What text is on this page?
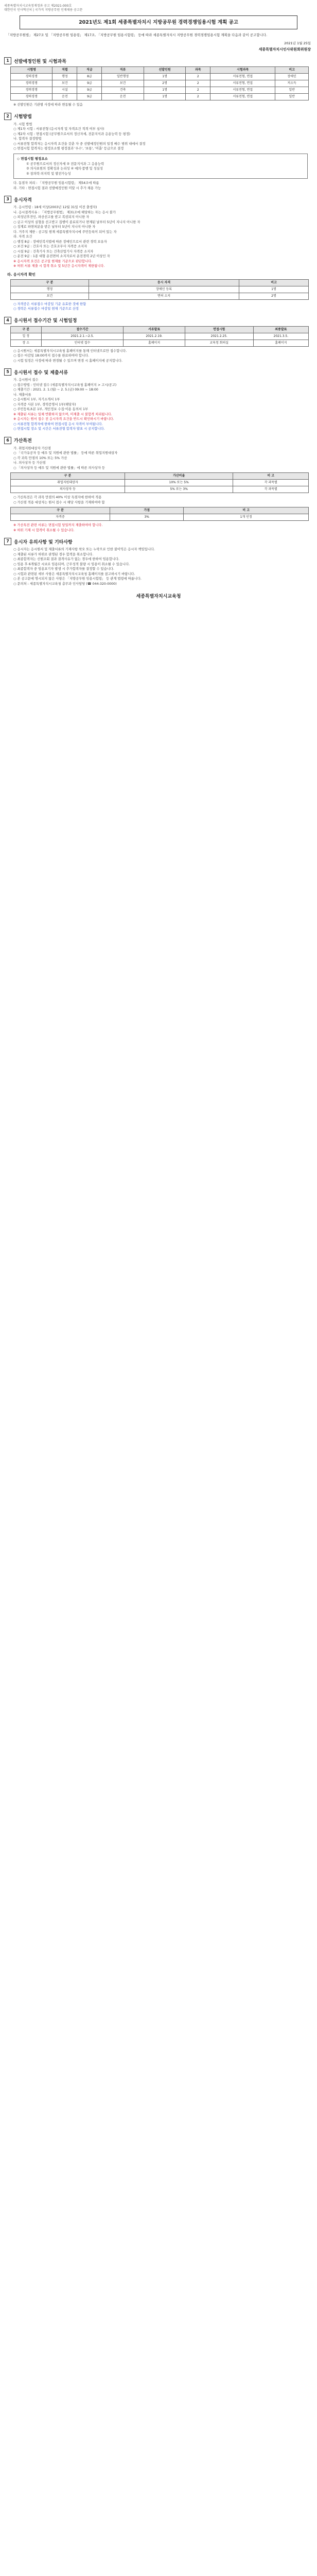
세종특별자치시교육청재정과 공고 제2021-000호
대한민국 인사혁신처 | 국가직 지방공무원 인재채용 공고문
2021년도 제1회 세종특별자치시 지방공무원 경력경쟁임용시험 계획 공고
「지방공무원법」 제27조 및 「지방공무원 임용령」 제17조, 「지방공무원 임용시험령」 등에 따라 세종특별자치시 지방공무원 경력경쟁임용시험 계획을 다음과 같이 공고합니다.
2021년 1월 25일
세종특별자치시인사위원회위원장
1	선발예정인원 및 시험과목
시험명	직렬	직급	직류	선발인원	과목	시험과목	비고
경력경쟁	행정	8급	일반행정	1명	2	서류전형, 면접	장애인
경력경쟁	보건	9급	보건	2명	2	서류전형, 면접	저소득
경력경쟁	시설	9급	건축	1명	2	서류전형, 면접	일반
경력경쟁	운전	9급	운전	1명	2	서류전형, 면접	일반
※ 선발인원은 기관별 사정에 따라 변동될 수 있음
2	시험방법
가. 시험 방법
○ 제1차 시험 : 서류전형 (응시자격 및 자격요건 적격 여부 심사)
○ 제2차 시험 : 면접시험 (공무원으로서의 정신자세, 전문지식과 응용능력 등 평정)
나. 합격자 결정방법
○ 서류전형 합격자는 응시자격 요건을 갖춘 자 중 선발예정인원의 일정 배수 범위 내에서 결정
○ 면접시험 합격자는 평정요소별 평정결과 '우수', '보통', '미흡' 등급으로 결정
◇ 면접시험 평정요소
① 공무원으로서의 정신자세 ② 전문지식과 그 응용능력
③ 의사표현의 정확성과 논리성 ④ 예의·품행 및 성실성
⑤ 창의력·의지력 및 발전가능성
다. 동점자 처리 : 「지방공무원 임용시험령」 제54조에 따름
라. 기타 : 면접시험 결과 선발예정인원 미달 시 추가 채용 가능
3	응시자격
가. 응시연령 : 18세 이상(2003년 12월 31일 이전 출생자)
나. 응시결격사유 : 「지방공무원법」 제31조에 해당하는 자는 응시 불가
○ 피성년후견인, 파산선고를 받고 복권되지 아니한 자
○ 금고 이상의 실형을 선고받고 집행이 종료되거나 면제된 날부터 5년이 지나지 아니한 자
○ 징계로 파면처분을 받은 날부터 5년이 지나지 아니한 자
다. 거주지 제한 : 공고일 현재 세종특별자치시에 주민등록이 되어 있는 자
라. 자격 요건
○ 행정 8급 : 장애인복지법에 따른 장애인으로서 관련 경력 보유자
○ 보건 9급 : 간호사 또는 간호조무사 자격증 소지자
○ 시설 9급 : 건축기사 또는 건축산업기사 자격증 소지자
○ 운전 9급 : 1종 대형 운전면허 소지자로서 운전경력 2년 이상인 자
※ 응시자격 요건은 공고일 현재를 기준으로 판단합니다.
※ 허위 서류 제출 시 합격 취소 및 5년간 응시자격이 제한됩니다.
라. 응시자격 확인
구 분	응시 자격	비고
행정	장애인 등록	1명
보건	면허 소지	2명
○ 자격증은 서류접수 마감일 기준 유효한 것에 한함
○ 경력은 서류접수 마감일 현재 기준으로 산정
4	응시원서 접수기간 및 시험일정
구 분	접수기간	서류발표	면접시험	최종발표
일 정	2021.2.1.~2.5.	2021.2.19.	2021.2.25.	2021.3.5.
장 소	인터넷 접수	홈페이지	교육청 회의실	홈페이지
○ 응시원서는 세종특별자치시교육청 홈페이지를 통해 인터넷으로만 접수합니다.
○ 접수 마감일 18:00까지 접수를 완료하여야 합니다.
○ 시험 일정은 사정에 따라 변경될 수 있으며 변경 시 홈페이지에 공지합니다.
5	응시원서 접수 및 제출서류
가. 응시원서 접수
○ 접수방법 : 인터넷 접수 (세종특별자치시교육청 홈페이지 > 고시/공고)
○ 제출기간 : 2021. 2. 1.(월) ~ 2. 5.(금) 09:00 ~ 18:00
나. 제출서류
○ 응시원서 1부, 자기소개서 1부
○ 자격증 사본 1부, 경력증명서 1부(해당자)
○ 주민등록초본 1부, 개인정보 수집·이용 동의서 1부
※ 제출된 서류는 일체 반환하지 않으며, 미제출 시 불합격 처리됩니다.
※ 응시자는 원서 접수 전 응시자격 요건을 반드시 확인하시기 바랍니다.
○ 서류전형 합격자에 한하여 면접시험 응시 자격이 부여됩니다.
○ 면접시험 장소 및 시간은 서류전형 합격자 발표 시 공지합니다.
6	가산특전
가. 취업지원대상자 가산점
○ 「국가유공자 등 예우 및 지원에 관한 법률」 등에 따른 취업지원대상자
○ 각 과목 만점의 10% 또는 5% 가산
나. 의사상자 등 가산점
○ 「의사상자 등 예우 및 지원에 관한 법률」에 따른 의사상자 등
구 분	가산비율	비 고
취업지원대상자	10% 또는 5%	각 과목별
의사상자 등	5% 또는 3%	각 과목별
○ 가산특전은 각 과목 만점의 40% 이상 득점자에 한하여 적용
○ 가산점 적용 대상자는 원서 접수 시 해당 사항을 기재하여야 함
구 분	가점	비 고
자격증	3%	1개 인정
※ 가산특전 관련 서류는 면접시험 당일까지 제출하여야 합니다.
※ 허위 기재 시 합격이 취소될 수 있습니다.
7	응시자 유의사항 및 기타사항
○ 응시자는 응시원서 및 제출서류의 기재사항 착오 또는 누락으로 인한 불이익은 응시자 책임입니다.
○ 제출된 서류가 허위로 판명된 경우 합격을 취소합니다.
○ 최종합격자는 신원조회 결과 결격사유가 없는 경우에 한하여 임용합니다.
○ 임용 후 6개월간 시보로 임용되며, 근무성적 불량 시 임용이 취소될 수 있습니다.
○ 최종합격자 중 임용포기자 발생 시 추가합격자를 결정할 수 있습니다.
○ 시험과 관련된 세부 사항은 세종특별자치시교육청 홈페이지를 참고하시기 바랍니다.
○ 본 공고문에 명시되지 않은 사항은 「지방공무원 임용시험령」 등 관계 법령에 따릅니다.
○ 문의처 : 세종특별자치시교육청 총무과 인사담당 (☎ 044-320-0000)
세종특별자치시교육청
